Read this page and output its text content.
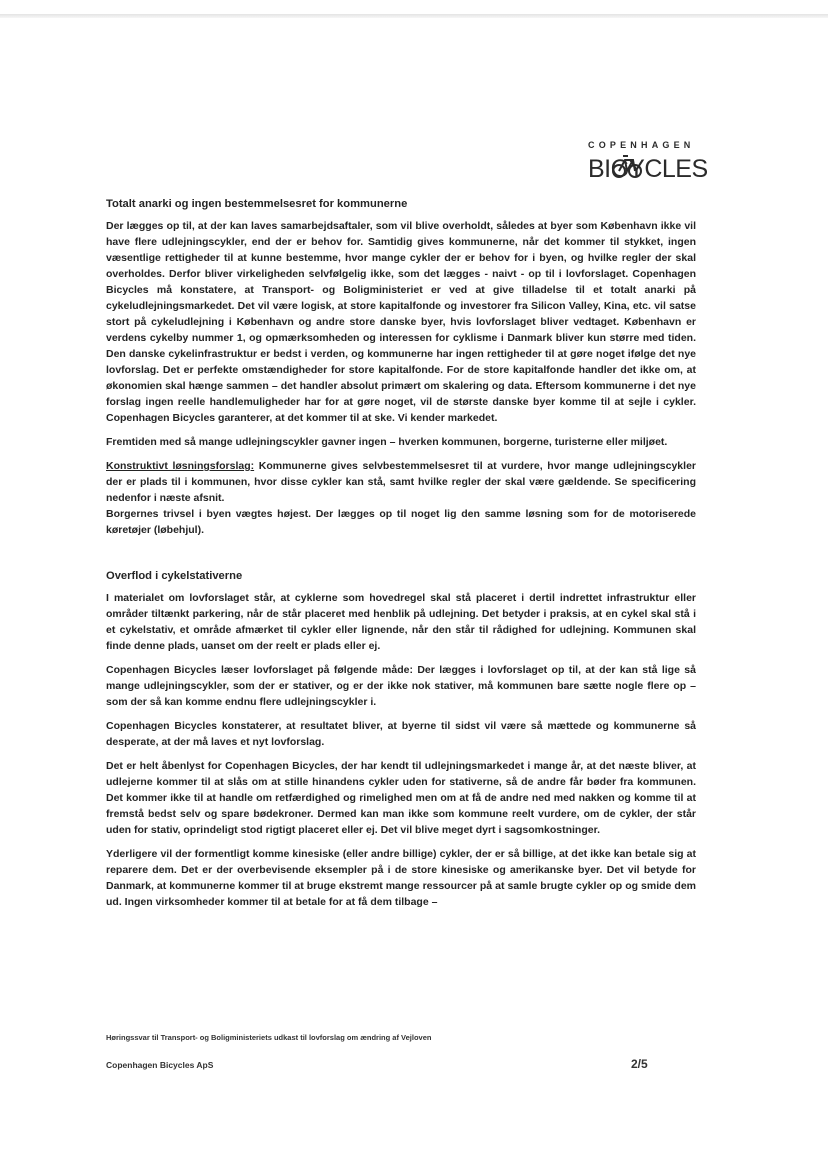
COPENHAGEN
BICYCLES
Totalt anarki og ingen bestemmelsesret for kommunerne

Der lægges op til, at der kan laves samarbejdsaftaler, som vil blive overholdt, således at byer som København ikke vil have flere udlejningscykler, end der er behov for. Samtidig gives kommunerne, når det kommer til stykket, ingen væsentlige rettigheder til at kunne bestemme, hvor mange cykler der er behov for i byen, og hvilke regler der skal overholdes. Derfor bliver virkeligheden selvfølgelig ikke, som det lægges - naivt - op til i lovforslaget. Copenhagen Bicycles må konstatere, at Transport- og Boligministeriet er ved at give tilladelse til et totalt anarki på cykeludlejningsmarkedet. Det vil være logisk, at store kapitalfonde og investorer fra Silicon Valley, Kina, etc. vil satse stort på cykeludlejning i København og andre store danske byer, hvis lovforslaget bliver vedtaget. København er verdens cykelby nummer 1, og opmærksomheden og interessen for cyklisme i Danmark bliver kun større med tiden. Den danske cykelinfrastruktur er bedst i verden, og kommunerne har ingen rettigheder til at gøre noget ifølge det nye lovforslag. Det er perfekte omstændigheder for store kapitalfonde. For de store kapitalfonde handler det ikke om, at økonomien skal hænge sammen – det handler absolut primært om skalering og data. Eftersom kommunerne i det nye forslag ingen reelle handlemuligheder har for at gøre noget, vil de største danske byer komme til at sejle i cykler. Copenhagen Bicycles garanterer, at det kommer til at ske. Vi kender markedet.

Fremtiden med så mange udlejningscykler gavner ingen – hverken kommunen, borgerne, turisterne eller miljøet.

Konstruktivt løsningsforslag: Kommunerne gives selvbestemmelsesret til at vurdere, hvor mange udlejningscykler der er plads til i kommunen, hvor disse cykler kan stå, samt hvilke regler der skal være gældende. Se specificering nedenfor i næste afsnit.

Borgernes trivsel i byen vægtes højest. Der lægges op til noget lig den samme løsning som for de motoriserede køretøjer (løbehjul).

Overflod i cykelstativerne

I materialet om lovforslaget står, at cyklerne som hovedregel skal stå placeret i dertil indrettet infrastruktur eller områder tiltænkt parkering, når de står placeret med henblik på udlejning. Det betyder i praksis, at en cykel skal stå i et cykelstativ, et område afmærket til cykler eller lignende, når den står til rådighed for udlejning. Kommunen skal finde denne plads, uanset om der reelt er plads eller ej.

Copenhagen Bicycles læser lovforslaget på følgende måde: Der lægges i lovforslaget op til, at der kan stå lige så mange udlejningscykler, som der er stativer, og er der ikke nok stativer, må kommunen bare sætte nogle flere op – som der så kan komme endnu flere udlejningscykler i.

Copenhagen Bicycles konstaterer, at resultatet bliver, at byerne til sidst vil være så mættede og kommunerne så desperate, at der må laves et nyt lovforslag.

Det er helt åbenlyst for Copenhagen Bicycles, der har kendt til udlejningsmarkedet i mange år, at det næste bliver, at udlejerne kommer til at slås om at stille hinandens cykler uden for stativerne, så de andre får bøder fra kommunen. Det kommer ikke til at handle om retfærdighed og rimelighed men om at få de andre ned med nakken og komme til at fremstå bedst selv og spare bødekroner. Dermed kan man ikke som kommune reelt vurdere, om de cykler, der står uden for stativ, oprindeligt stod rigtigt placeret eller ej. Det vil blive meget dyrt i sagsomkostninger.

Yderligere vil der formentligt komme kinesiske (eller andre billige) cykler, der er så billige, at det ikke kan betale sig at reparere dem. Det er der overbevisende eksempler på i de store kinesiske og amerikanske byer. Det vil betyde for Danmark, at kommunerne kommer til at bruge ekstremt mange ressourcer på at samle brugte cykler op og smide dem ud. Ingen virksomheder kommer til at betale for at få dem tilbage –

Høringssvar til Transport- og Boligministeriets udkast til lovforslag om ændring af Vejloven
Copenhagen Bicycles ApS	2/5
